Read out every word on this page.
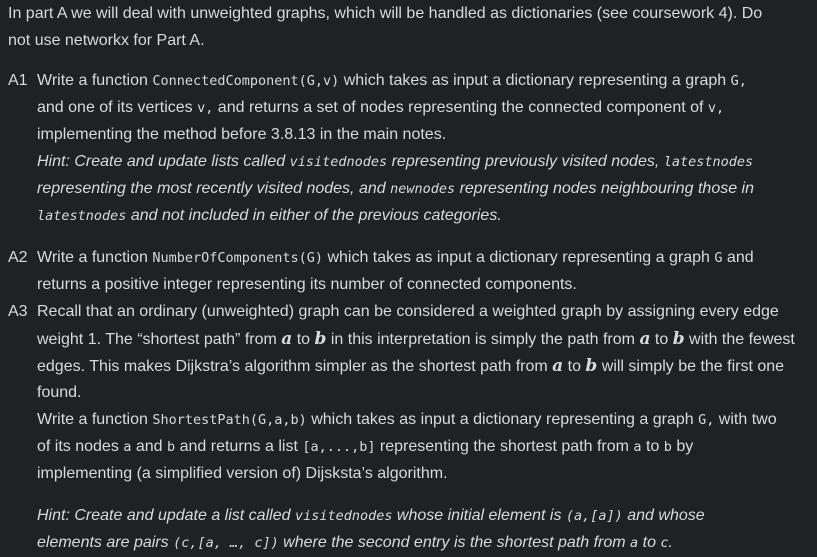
In part A we will deal with unweighted graphs, which will be handled as dictionaries (see coursework 4). Do
not use networkx for Part A.
A1 Write a function ConnectedComponent(G,v) which takes as input a dictionary representing a graph G,
and one of its vertices v, and returns a set of nodes representing the connected component of v,
implementing the method before 3.8.13 in the main notes.
Hint: Create and update lists called visitednodes representing previously visited nodes, latestnodes
representing the most recently visited nodes, and newnodes representing nodes neighbouring those in
latestnodes and not included in either of the previous categories.
A2 Write a function NumberOfComponents(G) which takes as input a dictionary representing a graph G and
returns a positive integer representing its number of connected components.
A3 Recall that an ordinary (unweighted) graph can be considered a weighted graph by assigning every edge
weight 1. The “shortest path” from a to b in this interpretation is simply the path from a to b with the fewest
edges. This makes Dijkstra’s algorithm simpler as the shortest path from a to b will simply be the first one
found.
Write a function ShortestPath(G,a,b) which takes as input a dictionary representing a graph G, with two
of its nodes a and b and returns a list [a,...,b] representing the shortest path from a to b by
implementing (a simplified version of) Dijsksta’s algorithm.
Hint: Create and update a list called visitednodes whose initial element is (a,[a]) and whose
elements are pairs (c,[a, …, c]) where the second entry is the shortest path from a to c.
